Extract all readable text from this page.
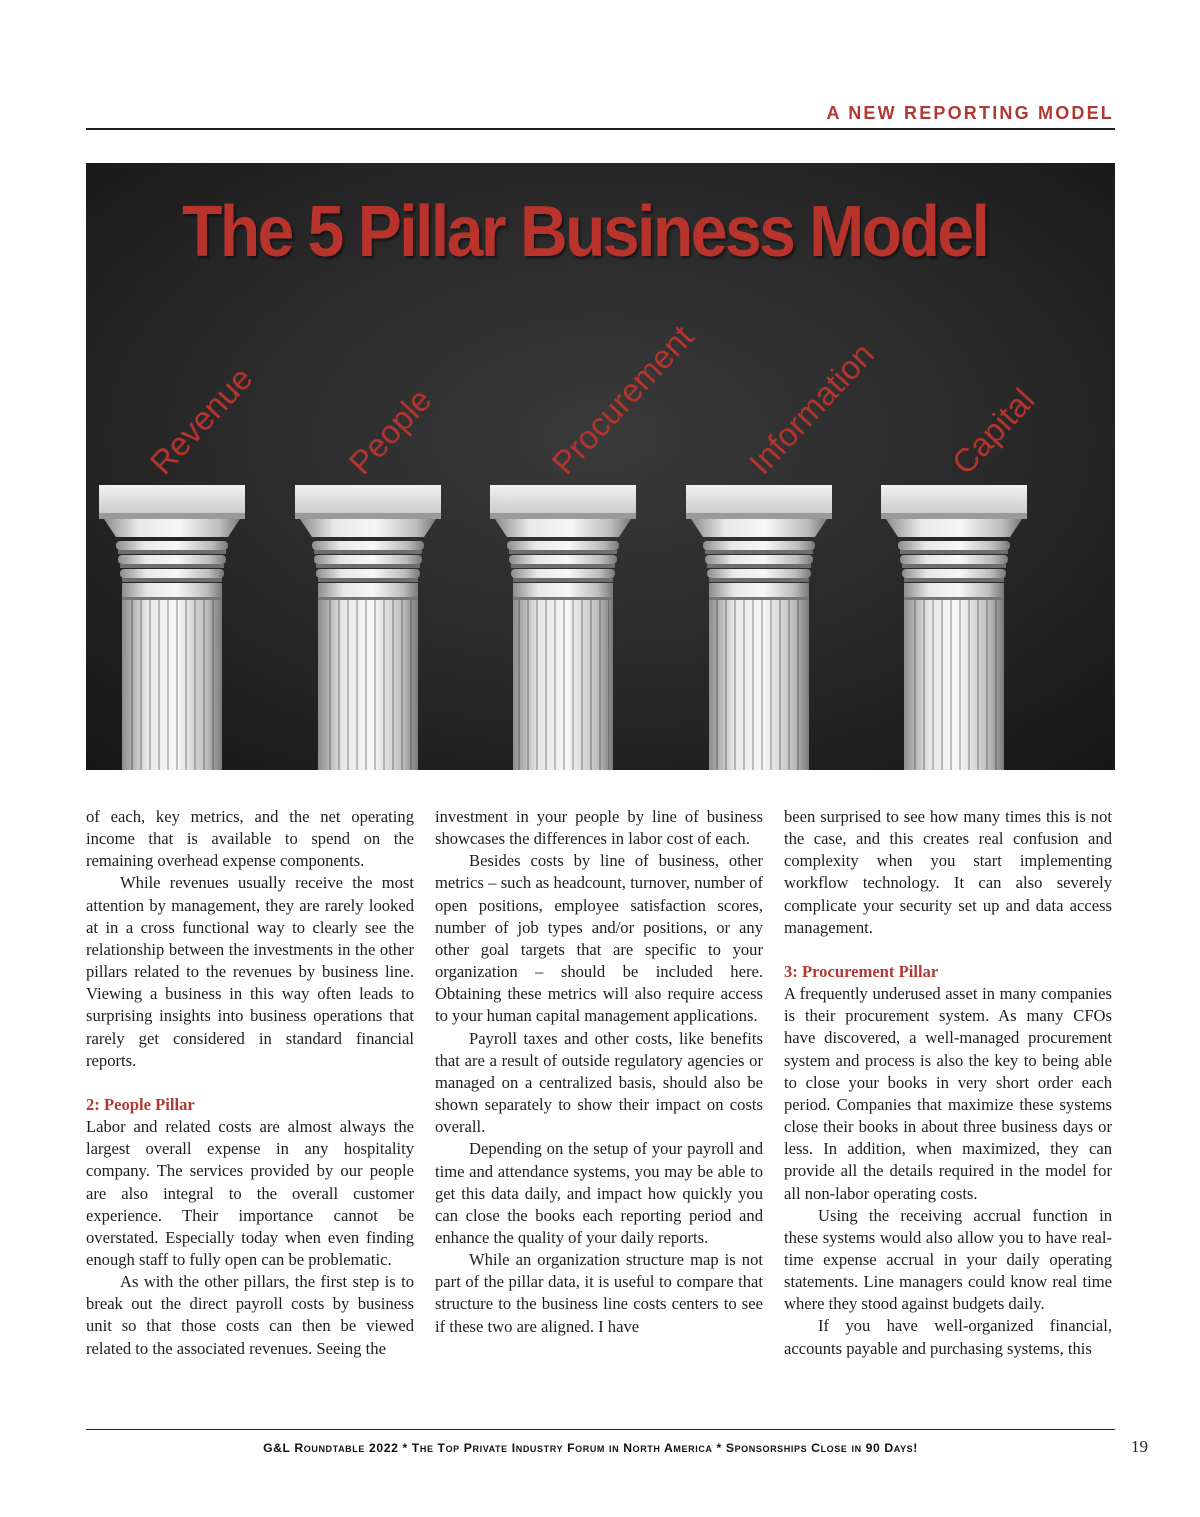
A NEW REPORTING MODEL
The 5 Pillar Business Model
Revenue People	Procurement Information Capital

of each, key metrics, and the net operating income that is available to spend on the remaining overhead expense components.

While revenues usually receive the most attention by management, they are rarely looked at in a cross functional way to clearly see the relationship between the investments in the other pillars related to the revenues by business line. Viewing a business in this way often leads to surprising insights into business operations that rarely get considered in standard financial reports.

2: People Pillar

Labor and related costs are almost always the largest overall expense in any hospitality company. The services provided by our people are also integral to the overall customer experience. Their importance cannot be overstated. Especially today when even finding enough staff to fully open can be problematic.

As with the other pillars, the first step is to break out the direct payroll costs by business unit so that those costs can then be viewed related to the associated revenues. Seeing the

investment in your people by line of business showcases the differences in labor cost of each.

Besides costs by line of business, other metrics – such as headcount, turnover, number of open positions, employee satisfaction scores, number of job types and/or positions, or any other goal targets that are specific to your organization – should be included here. Obtaining these metrics will also require access to your human capital management applications.

Payroll taxes and other costs, like benefits that are a result of outside regulatory agencies or managed on a centralized basis, should also be shown separately to show their impact on costs overall.

Depending on the setup of your payroll and time and attendance systems, you may be able to get this data daily, and impact how quickly you can close the books each reporting period and enhance the quality of your daily reports.

While an organization structure map is not part of the pillar data, it is useful to compare that structure to the business line costs centers to see if these two are aligned. I have

been surprised to see how many times this is not the case, and this creates real confusion and complexity when you start implementing workflow technology. It can also severely complicate your security set up and data access management.

3: Procurement Pillar

A frequently underused asset in many companies is their procurement system. As many CFOs have discovered, a well-managed procurement system and process is also the key to being able to close your books in very short order each period. Companies that maximize these systems close their books in about three business days or less. In addition, when maximized, they can provide all the details required in the model for all non-labor operating costs.

Using the receiving accrual function in these systems would also allow you to have real-time expense accrual in your daily operating statements. Line managers could know real time where they stood against budgets daily.

If you have well-organized financial, accounts payable and purchasing systems, this

G&L Roundtable 2022 * The Top Private Industry Forum in North America * Sponsorships Close in 90 Days!	19
